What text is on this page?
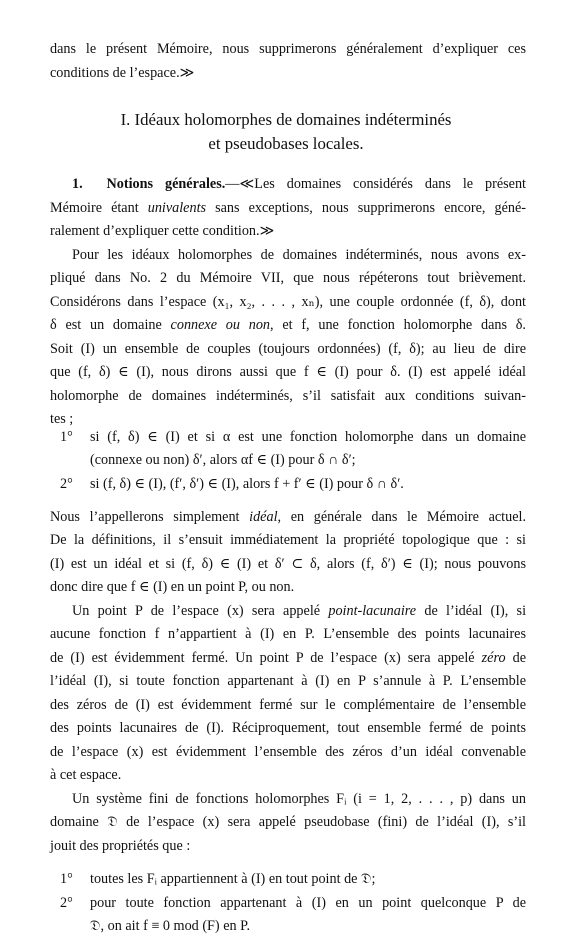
dans le présent Mémoire, nous supprimerons généralement d’expliquer ces
conditions de l’espace.≫
I. Idéaux holomorphes de domaines indéterminés
et pseudobases locales.
1. Notions générales.—≪Les domaines considérés dans le présent
Mémoire étant univalents sans exceptions, nous supprimerons encore, géné-
ralement d’expliquer cette condition.≫
Pour les idéaux holomorphes de domaines indéterminés, nous avons ex-
pliqué dans No. 2 du Mémoire VII, que nous répéterons tout brièvement.
Considérons dans l’espace (x₁, x₂, . . . , xₙ), une couple ordonnée (f, δ), dont
δ est un domaine connexe ou non, et f, une fonction holomorphe dans δ.
Soit (I) un ensemble de couples (toujours ordonnées) (f, δ); au lieu de dire
que (f, δ) ∈ (I), nous dirons aussi que f ∈ (I) pour δ. (I) est appelé idéal
holomorphe de domaines indéterminés, s’il satisfait aux conditions suivan-
tes ;
1° si (f, δ) ∈ (I) et si α est une fonction holomorphe dans un domaine
(connexe ou non) δ′, alors αf ∈ (I) pour δ ∩ δ′;
2° si (f, δ) ∈ (I), (f′, δ′) ∈ (I), alors f + f′ ∈ (I) pour δ ∩ δ′.
Nous l’appellerons simplement idéal, en générale dans le Mémoire actuel.
De la définitions, il s’ensuit immédiatement la propriété topologique que : si
(I) est un idéal et si (f, δ) ∈ (I) et δ′ ⊂ δ, alors (f, δ′) ∈ (I); nous pouvons
donc dire que f ∈ (I) en un point P, ou non.
Un point P de l’espace (x) sera appelé point-lacunaire de l’idéal (I), si
aucune fonction f n’appartient à (I) en P. L’ensemble des points lacunaires
de (I) est évidemment fermé. Un point P de l’espace (x) sera appelé zéro de
l’idéal (I), si toute fonction appartenant à (I) en P s’annule à P. L’ensemble
des zéros de (I) est évidemment fermé sur le complémentaire de l’ensemble
des points lacunaires de (I). Réciproquement, tout ensemble fermé de points
de l’espace (x) est évidemment l’ensemble des zéros d’un idéal convenable
à cet espace.
Un système fini de fonctions holomorphes Fᵢ (i = 1, 2, . . . , p) dans un
domaine 𝔇 de l’espace (x) sera appelé pseudobase (fini) de l’idéal (I), s’il
jouit des propriétés que :
1° toutes les Fᵢ appartiennent à (I) en tout point de 𝔇;
2° pour toute fonction appartenant à (I) en un point quelconque P de
𝔇, on ait f ≡ 0 mod (F) en P.
